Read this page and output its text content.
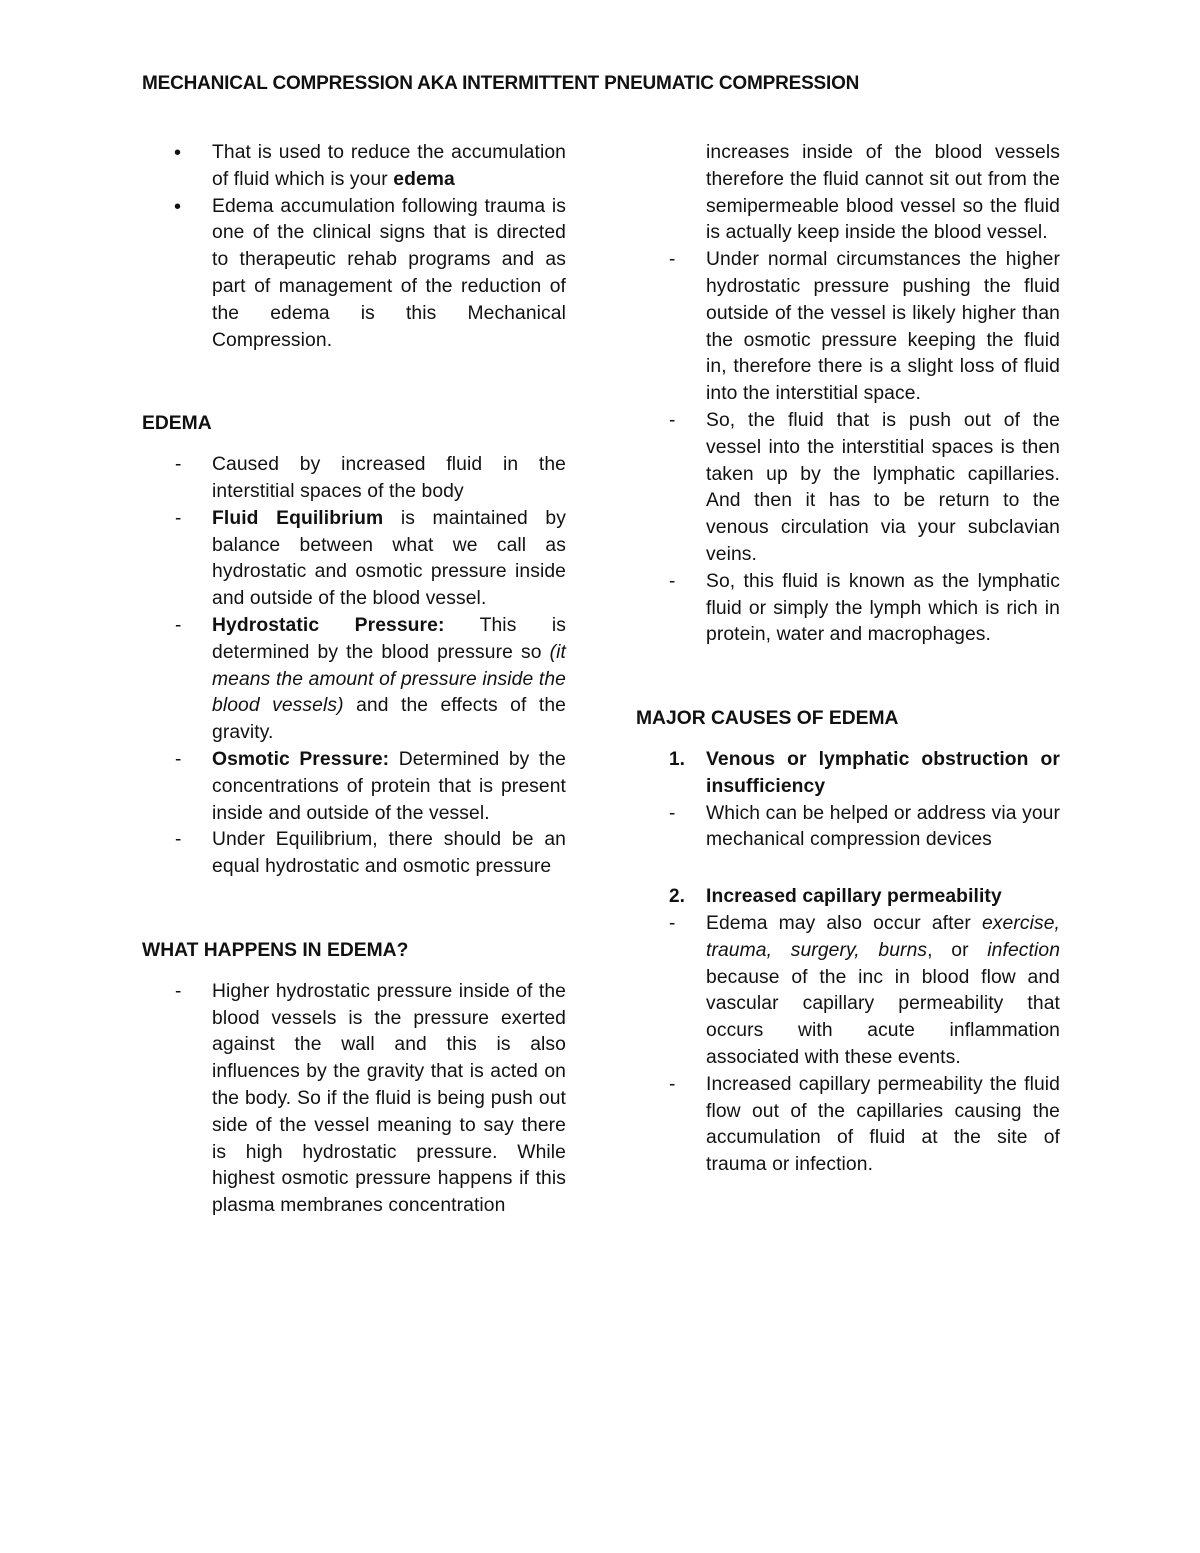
MECHANICAL COMPRESSION AKA INTERMITTENT PNEUMATIC COMPRESSION
• That is used to reduce the accumulation of fluid which is your edema
• Edema accumulation following trauma is one of the clinical signs that is directed to therapeutic rehab programs and as part of management of the reduction of the edema is this Mechanical Compression.
EDEMA
- Caused by increased fluid in the interstitial spaces of the body
- Fluid Equilibrium is maintained by balance between what we call as hydrostatic and osmotic pressure inside and outside of the blood vessel.
- Hydrostatic Pressure: This is determined by the blood pressure so (it means the amount of pressure inside the blood vessels) and the effects of the gravity.
- Osmotic Pressure: Determined by the concentrations of protein that is present inside and outside of the vessel.
- Under Equilibrium, there should be an equal hydrostatic and osmotic pressure
WHAT HAPPENS IN EDEMA?
- Higher hydrostatic pressure inside of the blood vessels is the pressure exerted against the wall and this is also influences by the gravity that is acted on the body. So if the fluid is being push out side of the vessel meaning to say there is high hydrostatic pressure. While highest osmotic pressure happens if this plasma membranes concentration
increases inside of the blood vessels therefore the fluid cannot sit out from the semipermeable blood vessel so the fluid is actually keep inside the blood vessel.
- Under normal circumstances the higher hydrostatic pressure pushing the fluid outside of the vessel is likely higher than the osmotic pressure keeping the fluid in, therefore there is a slight loss of fluid into the interstitial space.
- So, the fluid that is push out of the vessel into the interstitial spaces is then taken up by the lymphatic capillaries. And then it has to be return to the venous circulation via your subclavian veins.
- So, this fluid is known as the lymphatic fluid or simply the lymph which is rich in protein, water and macrophages.
MAJOR CAUSES OF EDEMA
1. Venous or lymphatic obstruction or insufficiency
- Which can be helped or address via your mechanical compression devices
2. Increased capillary permeability
- Edema may also occur after exercise, trauma, surgery, burns, or infection because of the inc in blood flow and vascular capillary permeability that occurs with acute inflammation associated with these events.
- Increased capillary permeability the fluid flow out of the capillaries causing the accumulation of fluid at the site of trauma or infection.
